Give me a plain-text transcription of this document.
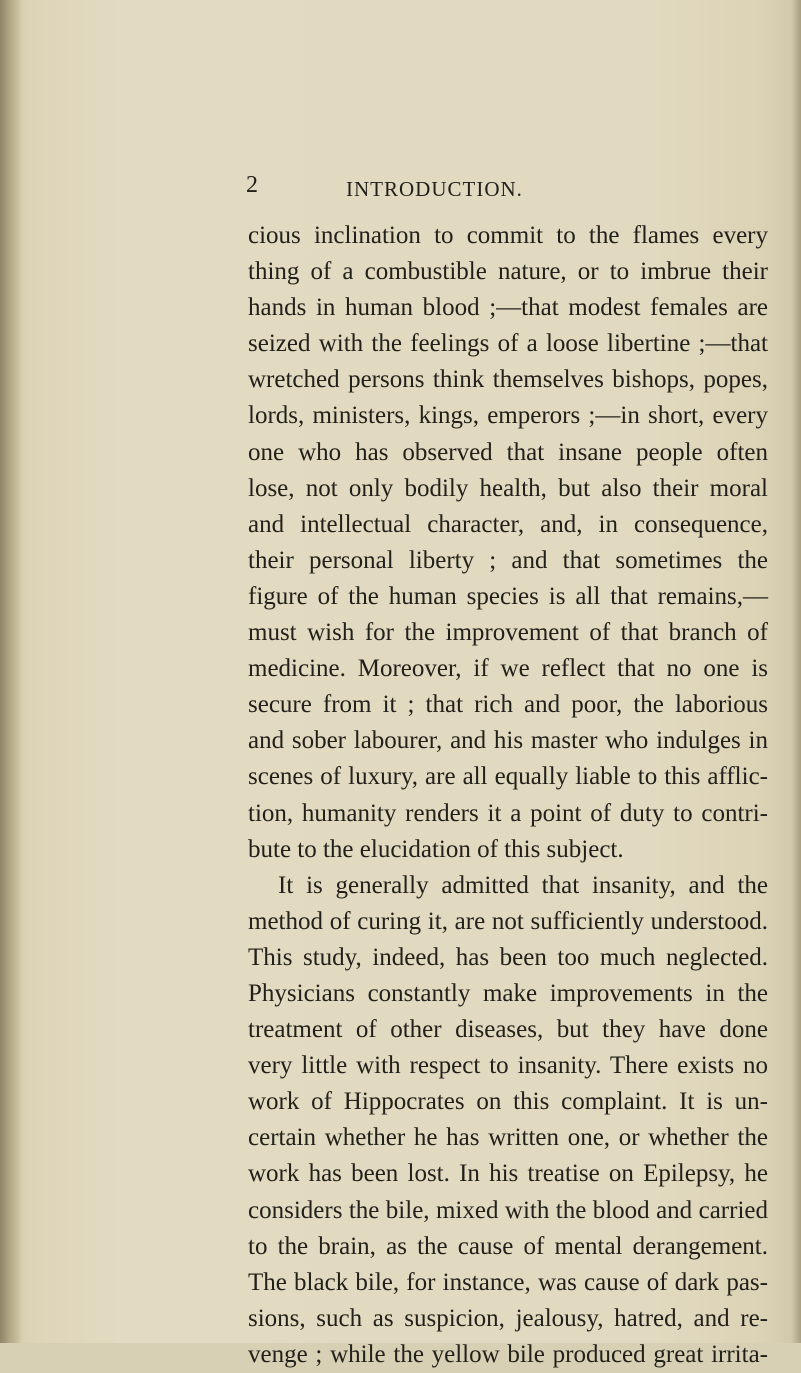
2	INTRODUCTION.
cious inclination to commit to the flames every
thing of a combustible nature, or to imbrue their
hands in human blood ;—that modest females are
seized with the feelings of a loose libertine ;—that
wretched persons think themselves bishops, popes,
lords, ministers, kings, emperors ;—in short, every
one who has observed that insane people often
lose, not only bodily health, but also their moral
and intellectual character, and, in consequence,
their personal liberty ; and that sometimes the
figure of the human species is all that remains,—
must wish for the improvement of that branch of
medicine. Moreover, if we reflect that no one is
secure from it ; that rich and poor, the laborious
and sober labourer, and his master who indulges in
scenes of luxury, are all equally liable to this afflic-
tion, humanity renders it a point of duty to contri-
bute to the elucidation of this subject.
It is generally admitted that insanity, and the
method of curing it, are not sufficiently understood.
This study, indeed, has been too much neglected.
Physicians constantly make improvements in the
treatment of other diseases, but they have done
very little with respect to insanity. There exists no
work of Hippocrates on this complaint. It is un-
certain whether he has written one, or whether the
work has been lost. In his treatise on Epilepsy, he
considers the bile, mixed with the blood and carried
to the brain, as the cause of mental derangement.
The black bile, for instance, was cause of dark pas-
sions, such as suspicion, jealousy, hatred, and re-
venge ; while the yellow bile produced great irrita-
